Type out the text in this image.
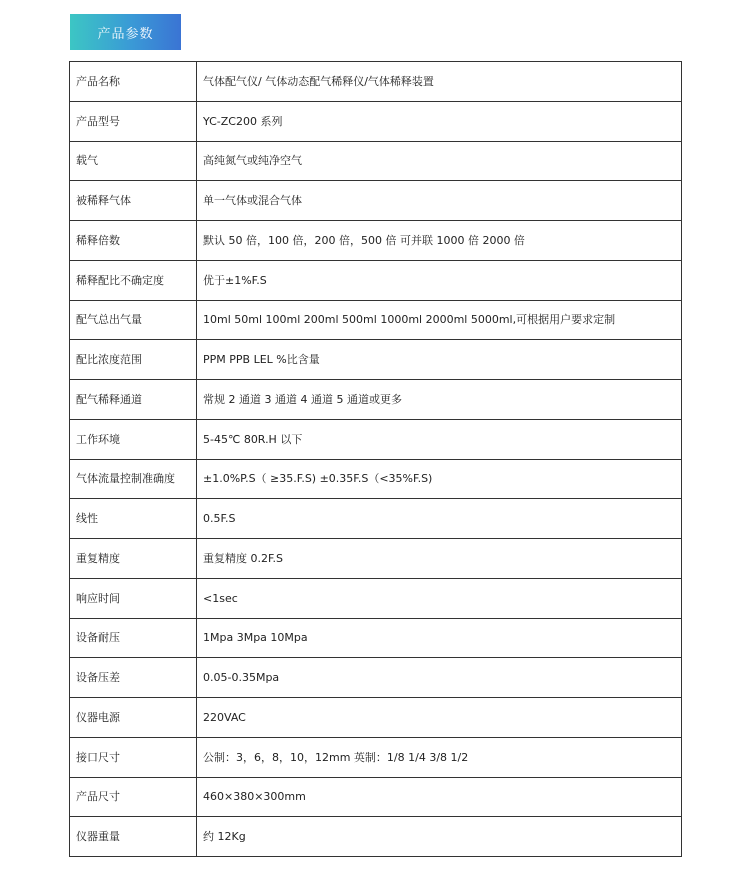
产品参数
产品名称	气体配气仪/ 气体动态配气稀释仪/气体稀释装置
产品型号	YC-ZC200 系列
载气	高纯氮气或纯净空气
被稀释气体	单一气体或混合气体
稀释倍数	默认 50 倍，100 倍，200 倍，500 倍 可并联 1000 倍 2000 倍
稀释配比不确定度	优于±1%F.S
配气总出气量	10ml 50ml 100ml 200ml 500ml 1000ml 2000ml 5000ml,可根据用户要求定制
配比浓度范围	PPM PPB LEL %比含量
配气稀释通道	常规 2 通道 3 通道 4 通道 5 通道或更多
工作环境	5-45℃ 80R.H 以下
气体流量控制准确度	±1.0%P.S（ ≥35.F.S) ±0.35F.S（<35%F.S)
线性	0.5F.S
重复精度	重复精度 0.2F.S
响应时间	<1sec
设备耐压	1Mpa 3Mpa 10Mpa
设备压差	0.05-0.35Mpa
仪器电源	220VAC
接口尺寸	公制：3，6，8，10，12mm 英制：1/8 1/4 3/8 1/2
产品尺寸	460×380×300mm
仪器重量	约 12Kg
